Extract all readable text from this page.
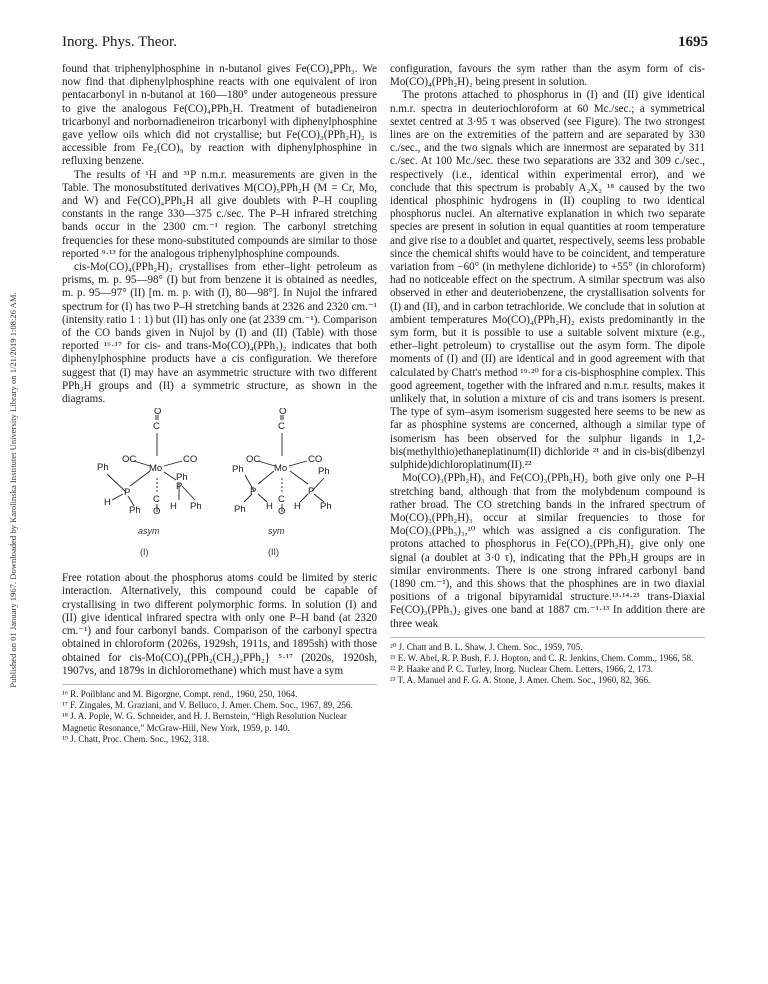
Published on 01 January 1967. Downloaded by Karolinska Institutet University Library on 1/21/2019 1:08:26 AM.
Inorg. Phys. Theor.	1695

found that triphenylphosphine in n-butanol gives Fe(CO)₄PPh₃. We now find that diphenylphosphine reacts with one equivalent of iron pentacarbonyl in n-butanol at 160—180° under autogeneous pressure to give the analogous Fe(CO)₄PPh₂H. Treatment of butadieneiron tricarbonyl and norbornadieneiron tricarbonyl with diphenylphosphine gave yellow oils which did not crystallise; but Fe(CO)₃(PPh₂H)₂ is accessible from Fe₂(CO)₉ by reaction with diphenylphosphine in refluxing benzene.

The results of ¹H and ³¹P n.m.r. measurements are given in the Table. The monosubstituted derivatives M(CO)₅PPh₂H (M = Cr, Mo, and W) and Fe(CO)₄PPh₂H all give doublets with P–H coupling constants in the range 330—375 c./sec. The P–H infrared stretching bands occur in the 2300 cm.⁻¹ region. The carbonyl stretching frequencies for these mono-substituted compounds are similar to those reported ⁹·¹³ for the analogous triphenylphosphine compounds.

cis-Mo(CO)₄(PPh₂H)₂ crystallises from ether–light petroleum as prisms, m. p. 95—98° (I) but from benzene it is obtained as needles, m. p. 95—97° (II) [m. m. p. with (I), 80—98°]. In Nujol the infrared spectrum for (I) has two P–H stretching bands at 2326 and 2320 cm.⁻¹ (intensity ratio 1 : 1) but (II) has only one (at 2339 cm.⁻¹). Comparison of the CO bands given in Nujol by (I) and (II) (Table) with those reported ¹⁶·¹⁷ for cis- and trans-Mo(CO)₄(PPh₃)₂ indicates that both diphenylphosphine products have a cis configuration. We therefore suggest that (I) may have an asymmetric structure with two different PPh₂H groups and (II) a symmetric structure, as shown in the diagrams.

O
C
OC	CO
Mo
Ph
Ph
P
P
H
Ph
C
O H Ph
O
C
OC	CO
Mo
Ph	Ph
P	P
Ph H
C
O H Ph
asym	sym
(I)	(II)

Free rotation about the phosphorus atoms could be limited by steric interaction. Alternatively, this compound could be capable of crystallising in two different polymorphic forms. In solution (I) and (II) give identical infrared spectra with only one P–H band (at 2320 cm.⁻¹) and four carbonyl bands. Comparison of the carbonyl spectra obtained in chloroform (2026s, 1929sh, 1911s, and 1895sh) with those obtained for cis-Mo(CO)₄(PPh₂(CH₂)₂PPh₂} ⁵·¹⁷ (2020s, 1920sh, 1907vs, and 1879s in dichloromethane) which must have a sym

¹⁶ R. Poilblanc and M. Bigorgne, Compt. rend., 1960, 250, 1064.
¹⁷ F. Zingales, M. Graziani, and V. Belluco, J. Amer. Chem. Soc., 1967, 89, 256.
¹⁸ J. A. Pople, W. G. Schneider, and H. J. Bernstein, “High Resolution Nuclear Magnetic Resonance,” McGraw-Hill, New York, 1959, p. 140.
¹⁹ J. Chatt, Proc. Chem. Soc., 1962, 318.

configuration, favours the sym rather than the asym form of cis-Mo(CO)₄(PPh₂H)₂ being present in solution.

The protons attached to phosphorus in (I) and (II) give identical n.m.r. spectra in deuteriochloroform at 60 Mc./sec.; a symmetrical sextet centred at 3·95 τ was observed (see Figure). The two strongest lines are on the extremities of the pattern and are separated by 330 c./sec., and the two signals which are innermost are separated by 311 c./sec. At 100 Mc./sec. these two separations are 332 and 309 c./sec., respectively (i.e., identical within experimental error), and we conclude that this spectrum is probably A₂X₂ ¹⁸ caused by the two identical phosphinic hydrogens in (II) coupling to two identical phosphorus nuclei. An alternative explanation in which two separate species are present in solution in equal quantities at room temperature and give rise to a doublet and quartet, respectively, seems less probable since the chemical shifts would have to be coincident, and temperature variation from −60° (in methylene dichloride) to +55° (in chloroform) had no noticeable effect on the spectrum. A similar spectrum was also observed in ether and deuteriobenzene, the crystallisation solvents for (I) and (II), and in carbon tetrachloride. We conclude that in solution at ambient temperatures Mo(CO)₄(PPh₂H)₂ exists predominantly in the sym form, but it is possible to use a suitable solvent mixture (e.g., ether–light petroleum) to crystallise out the asym form. The dipole moments of (I) and (II) are identical and in good agreement with that calculated by Chatt's method ¹⁹·²⁰ for a cis-bisphosphine complex. This good agreement, together with the infrared and n.m.r. results, makes it unlikely that, in solution a mixture of cis and trans isomers is present. The type of sym–asym isomerism suggested here seems to be new as far as phosphine systems are concerned, although a similar type of isomerism has been observed for the sulphur ligands in 1,2-bis(methylthio)ethaneplatinum(II) dichloride ²¹ and in cis-bis(dibenzyl sulphide)dichloroplatinum(II).²²

Mo(CO)₃(PPh₂H)₃ and Fe(CO)₃(PPh₂H)₂ both give only one P–H stretching band, although that from the molybdenum compound is rather broad. The CO stretching bands in the infrared spectrum of Mo(CO)₃(PPh₂H)₃ occur at similar frequencies to those for Mo(CO)₃(PPh₃)₃,¹⁰ which was assigned a cis configuration. The protons attached to phosphorus in Fe(CO)₃(PPh₂H)₂ give only one signal (a doublet at 3·0 τ), indicating that the PPh₂H groups are in similar environments. There is one strong infrared carbonyl band (1890 cm.⁻¹), and this shows that the phosphines are in two diaxial positions of a trigonal bipyramidal structure.¹³·¹⁴·²³ trans-Diaxial Fe(CO)₃(PPh₃)₂ gives one band at 1887 cm.⁻¹·¹³ In addition there are three weak

²⁰ J. Chatt and B. L. Shaw, J. Chem. Soc., 1959, 705.
²¹ E. W. Abel, R. P. Bush, F. J. Hopton, and C. R. Jenkins, Chem. Comm., 1966, 58.
²² P. Haake and P. C. Turley, Inorg. Nuclear Chem. Letters, 1966, 2, 173.
²³ T. A. Manuel and F. G. A. Stone, J. Amer. Chem. Soc., 1960, 82, 366.
